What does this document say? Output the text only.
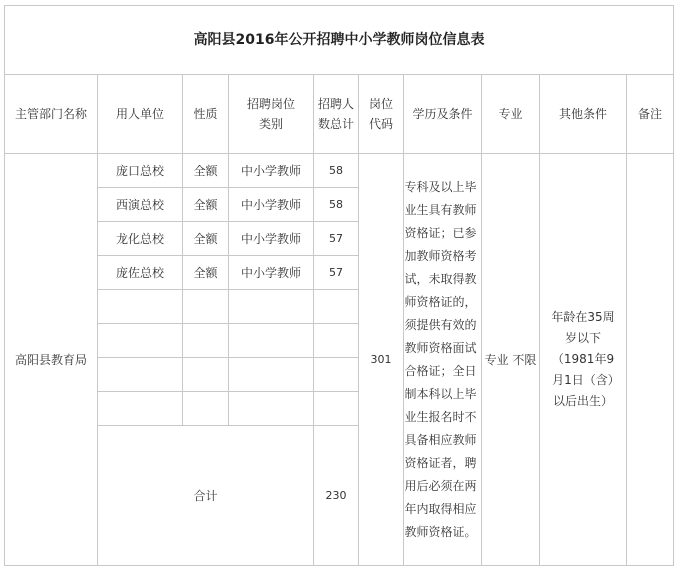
高阳县2016年公开招聘中小学教师岗位信息表									
主管部门名称	用人单位	性质	招聘岗位　　类别	招聘人数总计	岗位代码	学历及条件	专业	其他条件	备注
高阳县教育局	庞口总校	全额	中小学教师	58	301	专科及以上毕业生具有教师资格证；已参加教师资格考试，未取得教师资格证的，须提供有效的教师资格面试合格证；全日制本科以上毕业生报名时不具备相应教师资格证者，聘用后必须在两年内取得相应教师资格证。	专业 不限	年龄在35周岁以下（1981年9月1日（含）以后出生）	

	西演总校	全额	中小学教师	58					
	龙化总校	全额	中小学教师	57					
	庞佐总校	全额	中小学教师	57					

	合计			230					
